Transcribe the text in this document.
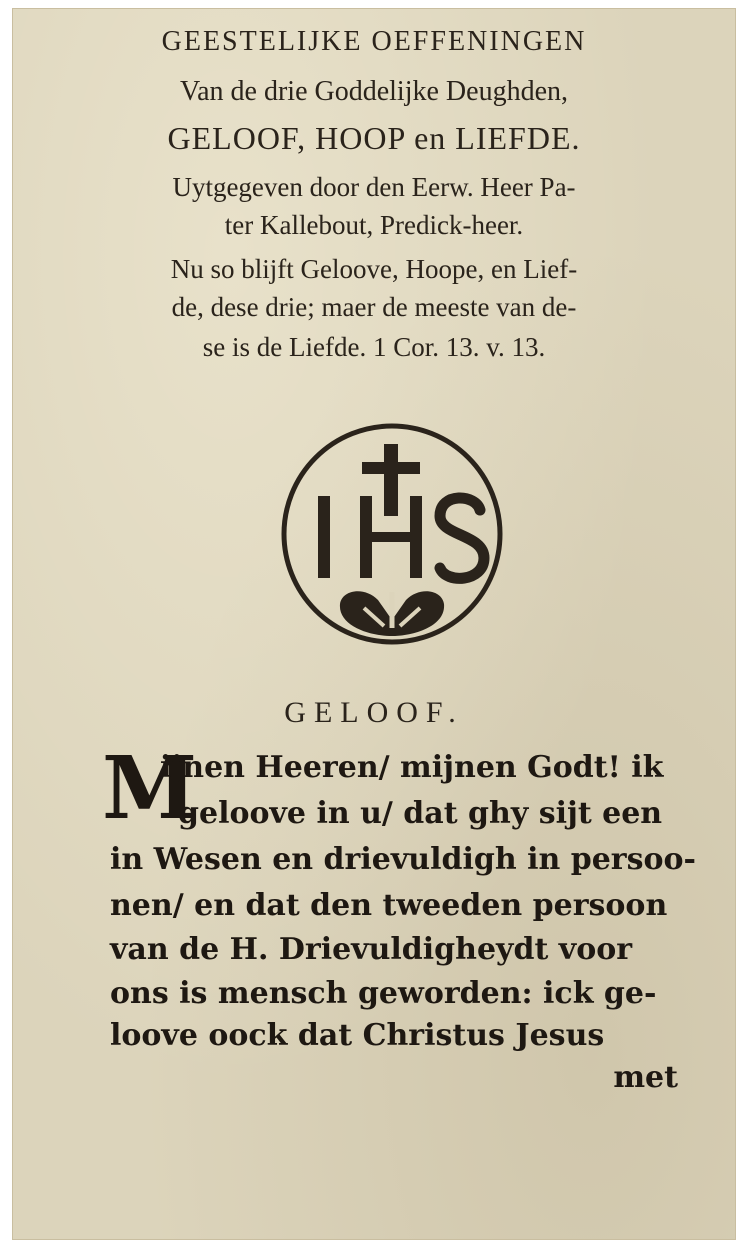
GEESTELIJKE OEFFENINGEN
Van de drie Goddelijke Deughden,
GELOOF, HOOP en LIEFDE.
Uytgegeven door den Eerw. Heer Pa-
ter Kallebout, Predick-heer.
Nu so blijft Geloove, Hoope, en Lief-
de, dese drie; maer de meeste van de-
se is de Liefde. 1 Cor. 13. v. 13.
GELOOF.
M
ijnen Heeren/ mijnen Godt! ik
geloove in u/ dat ghy sijt een
in Wesen en drievuldigh in persoo-
nen/ en dat den tweeden persoon
van de H. Drievuldigheydt voor
ons is mensch geworden: ick ge-
loove oock dat Christus Jesus
met
